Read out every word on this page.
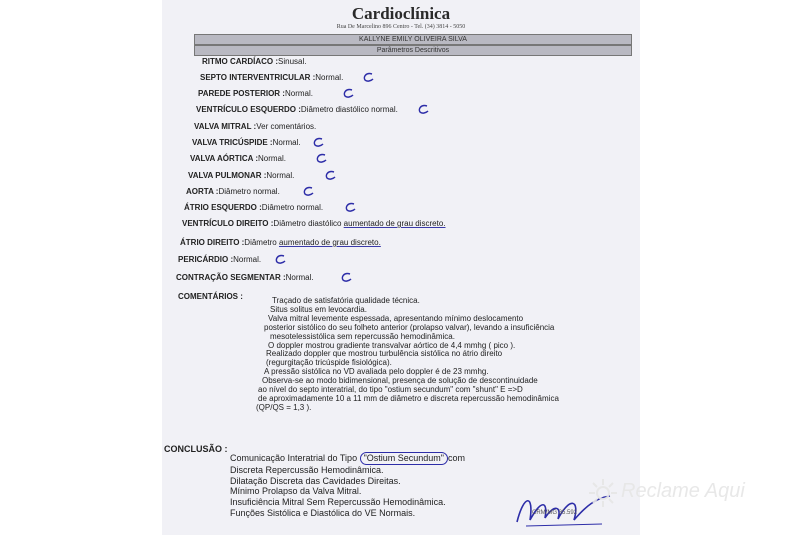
Cardioclínica
Rua De Marcelino 896 Centro - Tel. (34) 3814 - 5050
KALLYNE EMILY OLIVEIRA SILVA
Parâmetros Descritivos
RITMO CARDÍACO :Sinusal.
SEPTO INTERVENTRICULAR :Normal.
PAREDE POSTERIOR :Normal.
VENTRÍCULO ESQUERDO :Diâmetro diastólico normal.
VALVA MITRAL :Ver comentários.
VALVA TRICÚSPIDE :Normal.
VALVA AÓRTICA :Normal.
VALVA PULMONAR :Normal.
AORTA :Diâmetro normal.
ÁTRIO ESQUERDO :Diâmetro normal.
VENTRÍCULO DIREITO :Diâmetro diastólico aumentado de grau discreto.
ÁTRIO DIREITO :Diâmetro aumentado de grau discreto.
PERICÁRDIO :Normal.
CONTRAÇÃO SEGMENTAR :Normal.
COMENTÁRIOS :	Traçado de satisfatória qualidade técnica.
Situs solitus em levocardia.
Valva mitral levemente espessada, apresentando mínimo deslocamento
posterior sistólico do seu folheto anterior (prolapso valvar), levando a insuficiência
mesotelessistólica sem repercussão hemodinâmica.
O doppler mostrou gradiente transvalvar aórtico de 4,4 mmhg ( pico ).
Realizado doppler que mostrou turbulência sistólica no átrio direito
(regurgitação tricúspide fisiológica).
A pressão sistólica no VD avaliada pelo doppler é de 23 mmhg.
Observa-se ao modo bidimensional, presença de solução de descontinuidade
ao nível do septo interatrial, do tipo "ostium secundum" com "shunt" E =>D
de aproximadamente 10 a 11 mm de diâmetro e discreta repercussão hemodinâmica
(QP/QS = 1,3 ).
CONCLUSÃO :
Comunicação Interatrial do Tipo "Ostium Secundum" com
Discreta Repercussão Hemodinâmica.
Dilatação Discreta das Cavidades Direitas.
Mínimo Prolapso da Valva Mitral.
Insuficiência Mitral Sem Repercussão Hemodinâmica.
Funções Sistólica e Diastólica do VE Normais.	CRM/MG 35.592
Reclame Aqui
